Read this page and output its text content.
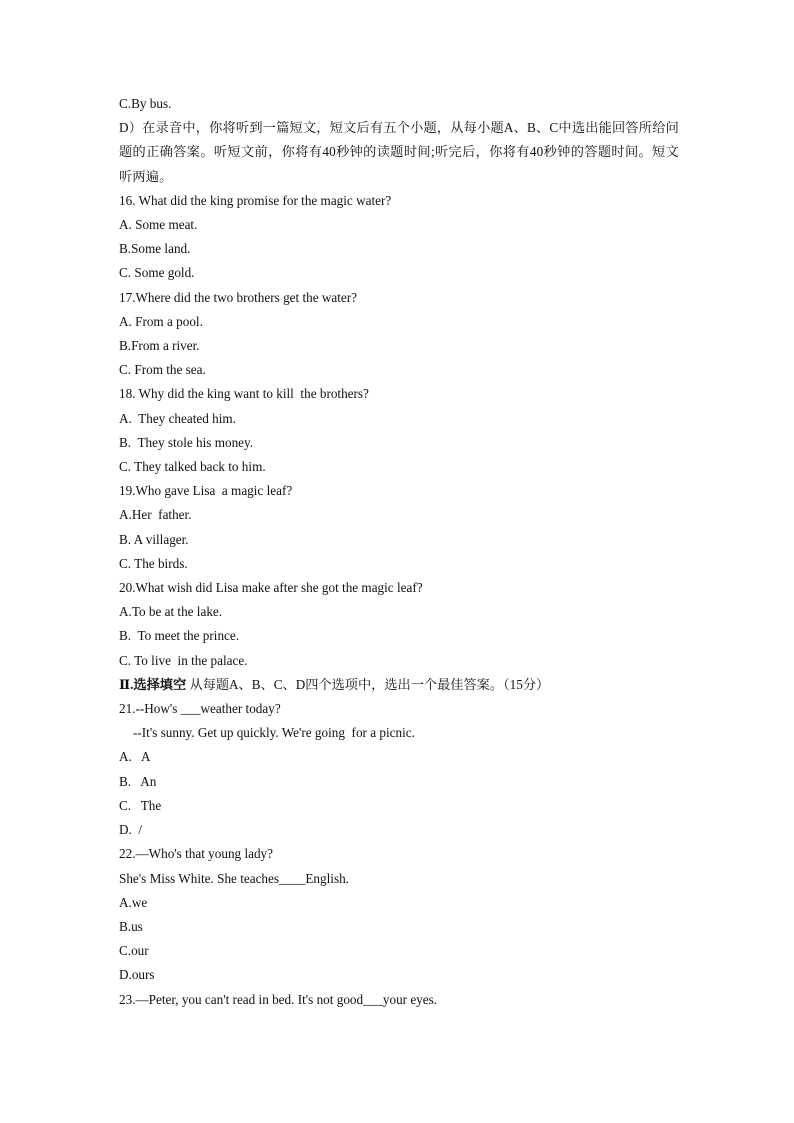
C.By bus.
D）在录音中，你将听到一篇短文，短文后有五个小题，从每小题A、B、C中选出能回答所给问题的正确答案。听短文前，你将有40秒钟的读题时间;听完后，你将有40秒钟的答题时间。短文听两遍。
16. What did the king promise for the magic water?
A. Some meat.
B.Some land.
C. Some gold.
17.Where did the two brothers get the water?
A. From a pool.
B.From a river.
C. From the sea.
18. Why did the king want to kill  the brothers?
A.  They cheated him.
B.  They stole his money.
C. They talked back to him.
19.Who gave Lisa  a magic leaf?
A.Her  father.
B. A villager.
C. The birds.
20.What wish did Lisa make after she got the magic leaf?
A.To be at the lake.
B.  To meet the prince.
C. To live  in the palace.
Ⅱ.选择填空 从每题A、B、C、D四个选项中，选出一个最佳答案。（15分）
21.--How's ___weather today?
--It's sunny. Get up quickly. We're going  for a picnic.
A.   A
B.   An
C.   The
D.  /
22.—Who's that young lady?
She's Miss White. She teaches____English.
A.we
B.us
C.our
D.ours
23.—Peter, you can't read in bed. It's not good___your eyes.
